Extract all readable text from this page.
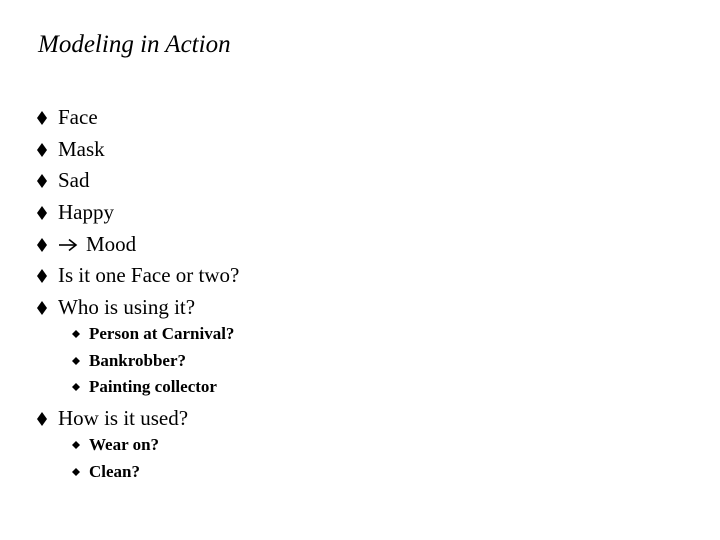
Modeling in Action
Face
Mask
Sad
Happy
Mood
Is it one Face or two?
Who is using it?
Person at Carnival?
Bankrobber?
Painting collector
How is it used?
Wear on?
Clean?
